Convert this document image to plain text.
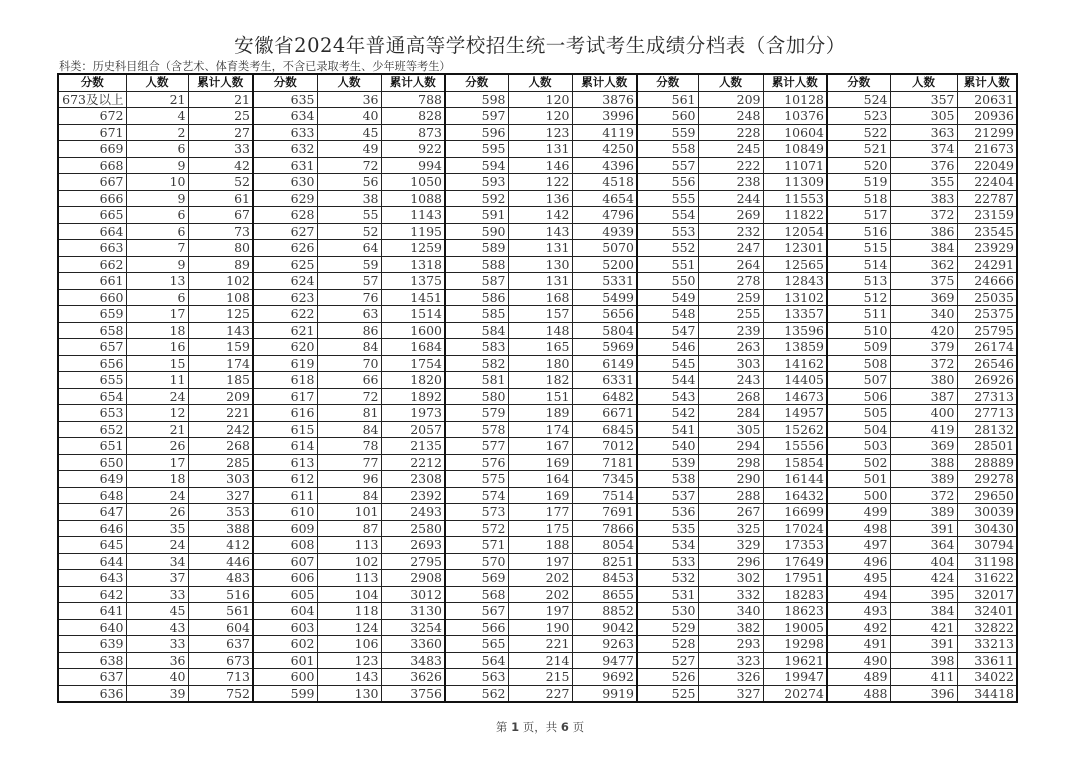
安徽省2024年普通高等学校招生统一考试考生成绩分档表（含加分）
科类：历史科目组合（含艺术、体育类考生，不含已录取考生、少年班等考生）
分数	人数	累计人数	分数	人数	累计人数	分数	人数	累计人数	分数	人数	累计人数	分数	人数	累计人数
673及以上	21	21	635	36	788	598	120	3876	561	209	10128	524	357	20631
672	4	25	634	40	828	597	120	3996	560	248	10376	523	305	20936
671	2	27	633	45	873	596	123	4119	559	228	10604	522	363	21299
669	6	33	632	49	922	595	131	4250	558	245	10849	521	374	21673
668	9	42	631	72	994	594	146	4396	557	222	11071	520	376	22049
667	10	52	630	56	1050	593	122	4518	556	238	11309	519	355	22404
666	9	61	629	38	1088	592	136	4654	555	244	11553	518	383	22787
665	6	67	628	55	1143	591	142	4796	554	269	11822	517	372	23159
664	6	73	627	52	1195	590	143	4939	553	232	12054	516	386	23545
663	7	80	626	64	1259	589	131	5070	552	247	12301	515	384	23929
662	9	89	625	59	1318	588	130	5200	551	264	12565	514	362	24291
661	13	102	624	57	1375	587	131	5331	550	278	12843	513	375	24666
660	6	108	623	76	1451	586	168	5499	549	259	13102	512	369	25035
659	17	125	622	63	1514	585	157	5656	548	255	13357	511	340	25375
658	18	143	621	86	1600	584	148	5804	547	239	13596	510	420	25795
657	16	159	620	84	1684	583	165	5969	546	263	13859	509	379	26174
656	15	174	619	70	1754	582	180	6149	545	303	14162	508	372	26546
655	11	185	618	66	1820	581	182	6331	544	243	14405	507	380	26926
654	24	209	617	72	1892	580	151	6482	543	268	14673	506	387	27313
653	12	221	616	81	1973	579	189	6671	542	284	14957	505	400	27713
652	21	242	615	84	2057	578	174	6845	541	305	15262	504	419	28132
651	26	268	614	78	2135	577	167	7012	540	294	15556	503	369	28501
650	17	285	613	77	2212	576	169	7181	539	298	15854	502	388	28889
649	18	303	612	96	2308	575	164	7345	538	290	16144	501	389	29278
648	24	327	611	84	2392	574	169	7514	537	288	16432	500	372	29650
647	26	353	610	101	2493	573	177	7691	536	267	16699	499	389	30039
646	35	388	609	87	2580	572	175	7866	535	325	17024	498	391	30430
645	24	412	608	113	2693	571	188	8054	534	329	17353	497	364	30794
644	34	446	607	102	2795	570	197	8251	533	296	17649	496	404	31198
643	37	483	606	113	2908	569	202	8453	532	302	17951	495	424	31622
642	33	516	605	104	3012	568	202	8655	531	332	18283	494	395	32017
641	45	561	604	118	3130	567	197	8852	530	340	18623	493	384	32401
640	43	604	603	124	3254	566	190	9042	529	382	19005	492	421	32822
639	33	637	602	106	3360	565	221	9263	528	293	19298	491	391	33213
638	36	673	601	123	3483	564	214	9477	527	323	19621	490	398	33611
637	40	713	600	143	3626	563	215	9692	526	326	19947	489	411	34022
636	39	752	599	130	3756	562	227	9919	525	327	20274	488	396	34418
第 1 页，共 6 页
